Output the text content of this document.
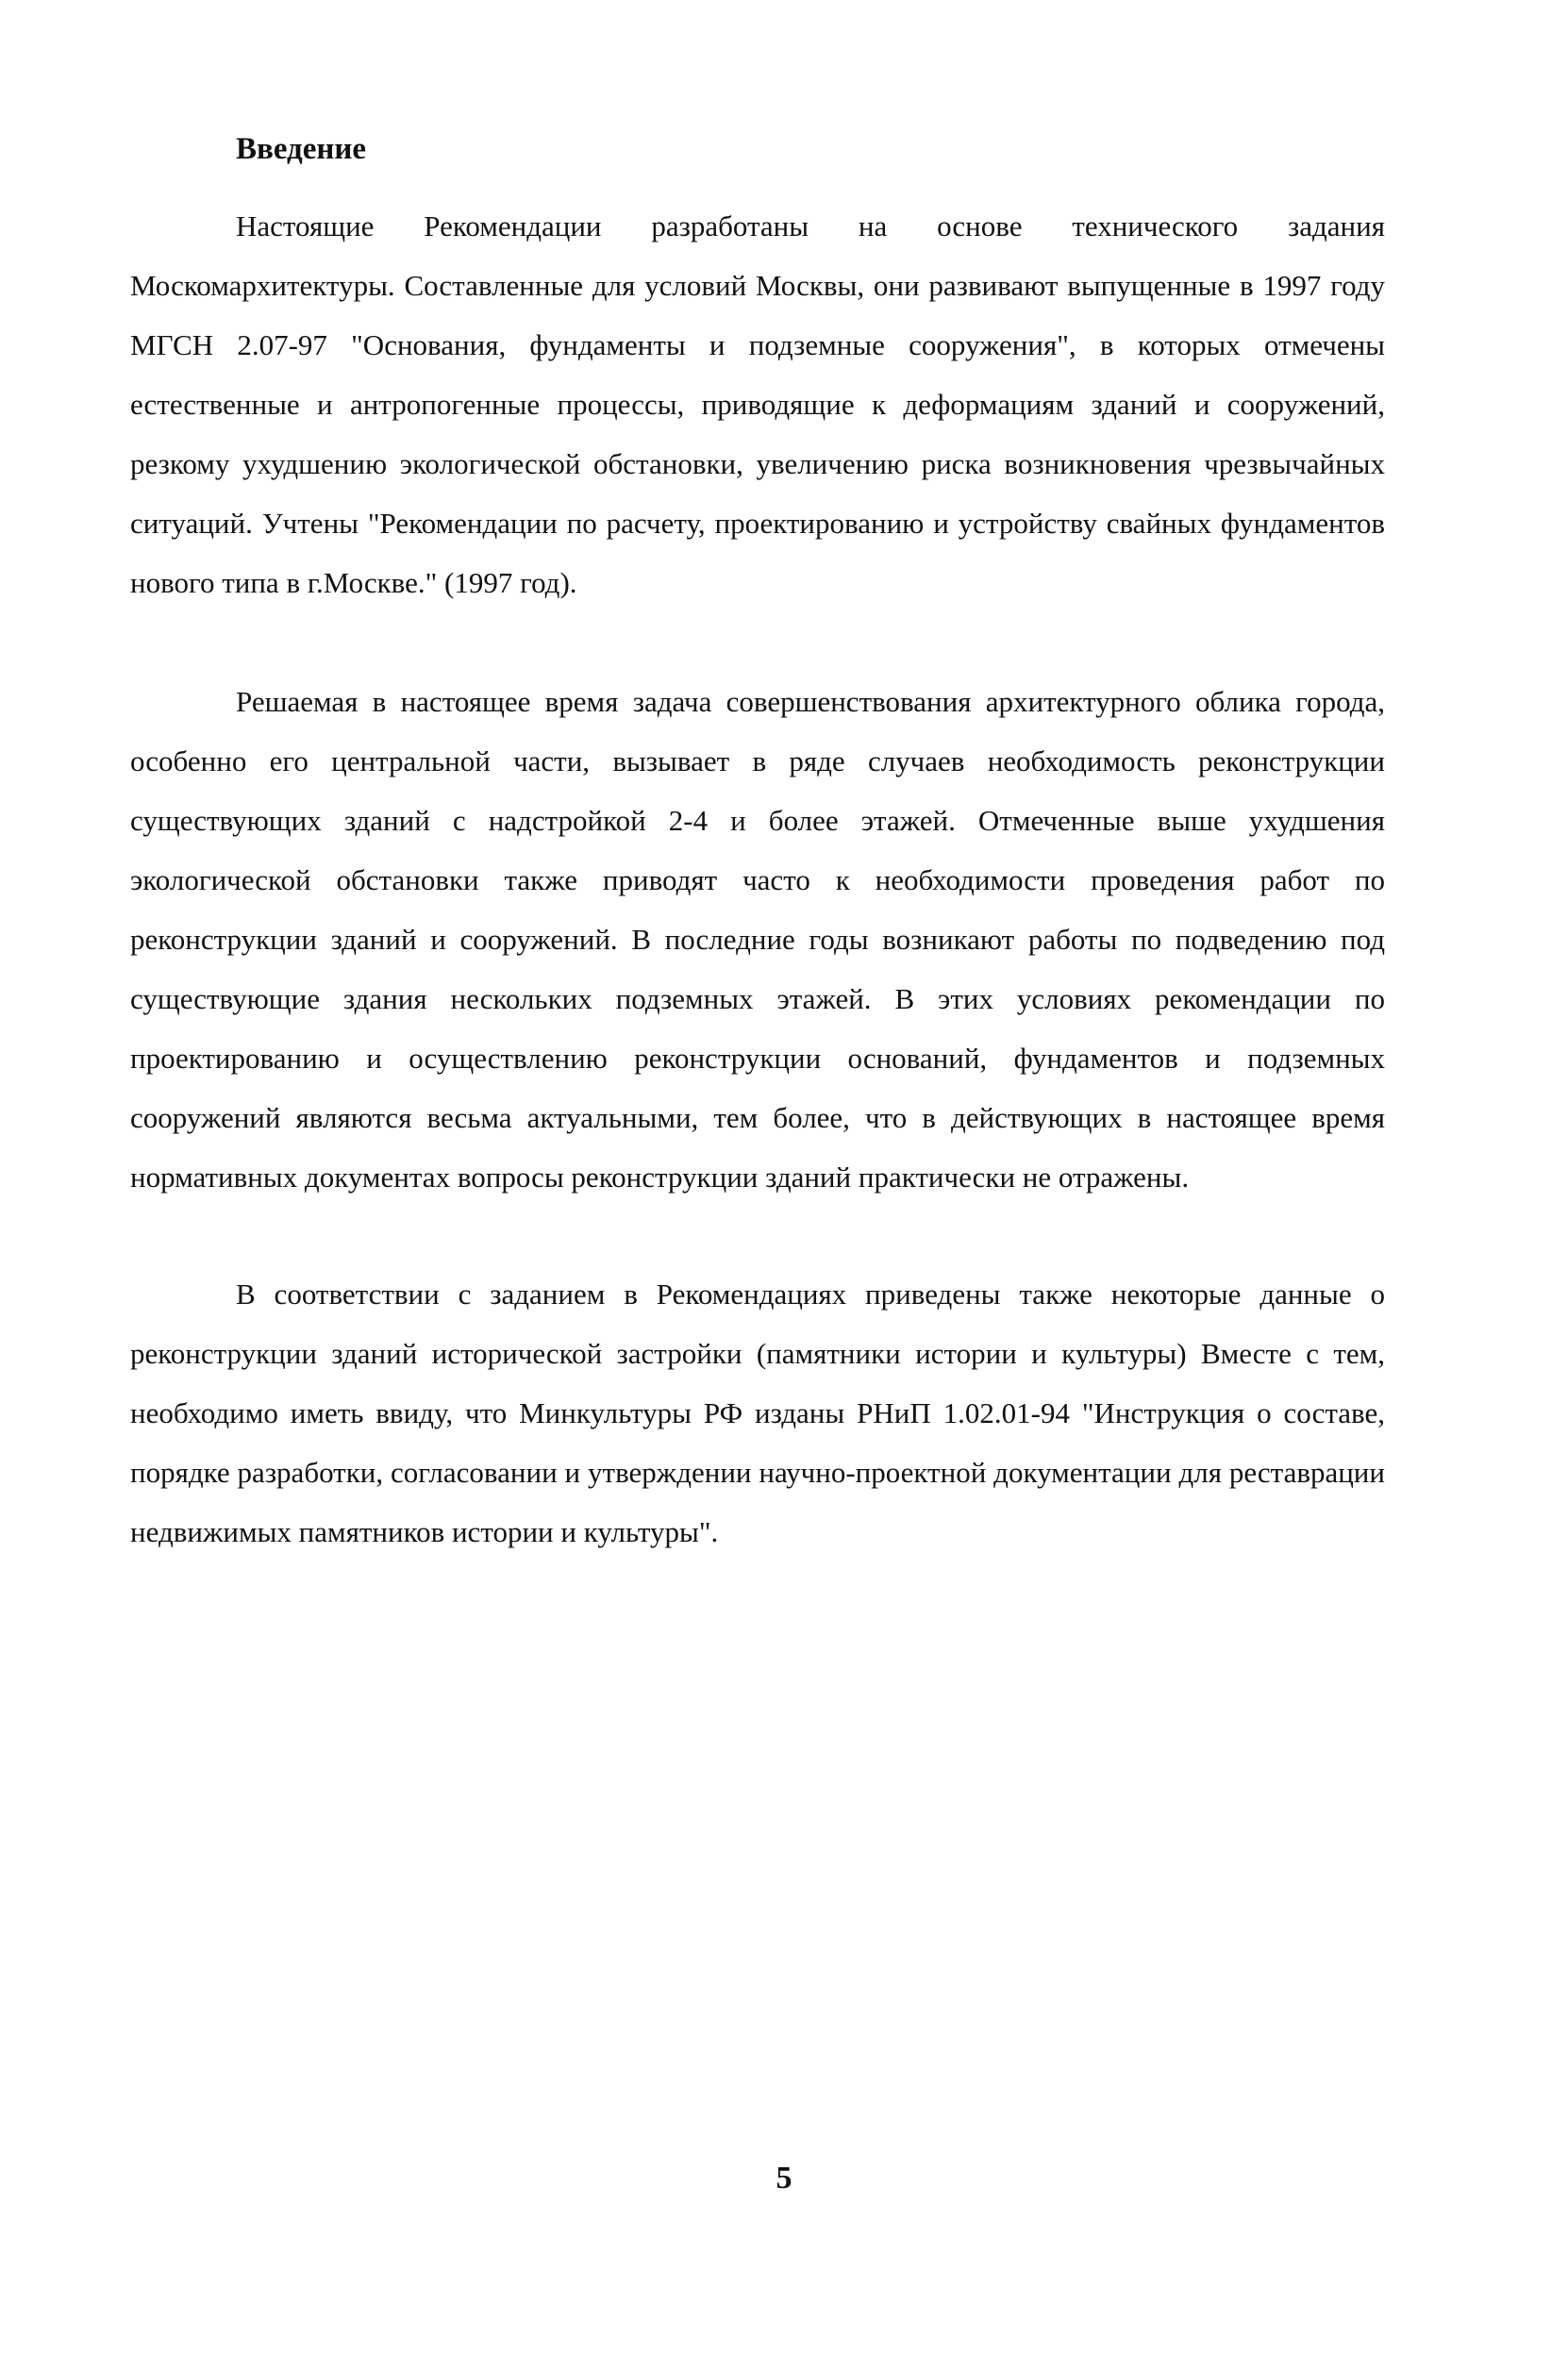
Введение

Настоящие Рекомендации разработаны на основе технического задания Москомархитектуры. Составленные для условий Москвы, они развивают выпущенные в 1997 году МГСН 2.07-97 "Основания, фундаменты и подземные сооружения", в которых отмечены естественные и антропогенные процессы, приводящие к деформациям зданий и сооружений, резкому ухудшению экологической обстановки, увеличению риска возникновения чрезвычайных ситуаций. Учтены "Рекомендации по расчету, проектированию и устройству свайных фундаментов нового типа в г.Москве." (1997 год).

Решаемая в настоящее время задача совершенствования архитектурного облика города, особенно его центральной части, вызывает в ряде случаев необходимость реконструкции существующих зданий с надстройкой 2-4 и более этажей. Отмеченные выше ухудшения экологической обстановки также приводят часто к необходимости проведения работ по реконструкции зданий и сооружений. В последние годы возникают работы по подведению под существующие здания нескольких подземных этажей. В этих условиях рекомендации по проектированию и осуществлению реконструкции оснований, фундаментов и подземных сооружений являются весьма актуальными, тем более, что в действующих в настоящее время нормативных документах вопросы реконструкции зданий практически не отражены.

В соответствии с заданием в Рекомендациях приведены также некоторые данные о реконструкции зданий исторической застройки (памятники истории и культуры) Вместе с тем, необходимо иметь ввиду, что Минкультуры РФ изданы РНиП 1.02.01-94 "Инструкция о составе, порядке разработки, согласовании и утверждении научно-проектной документации для реставрации недвижимых памятников истории и культуры".

5
